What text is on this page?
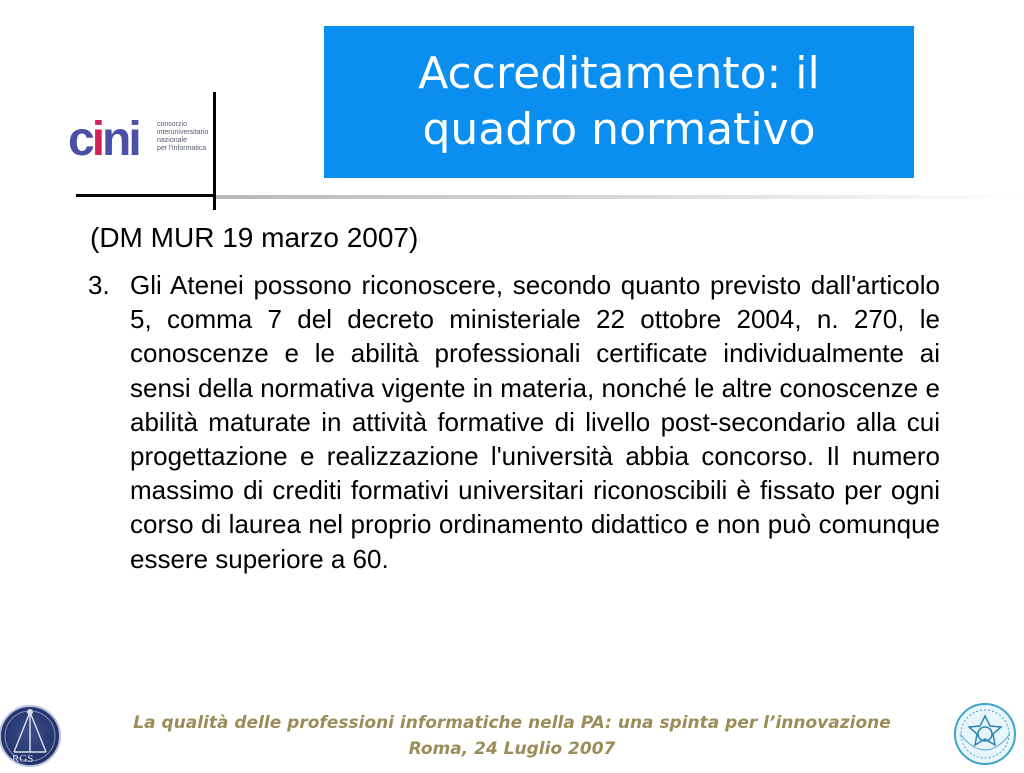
cini	consorzio
interuniversitario
nazionale
per l'informatica
Accreditamento: il
quadro normativo
(DM MUR 19 marzo 2007)
3. Gli Atenei possono riconoscere, secondo quanto previsto dall'articolo 5, comma 7 del decreto ministeriale 22 ottobre 2004, n. 270, le conoscenze e le abilità professionali certificate individualmente ai sensi della normativa vigente in materia, nonché le altre conoscenze e abilità maturate in attività formative di livello post-secondario alla cui progettazione e realizzazione l'università abbia concorso. Il numero massimo di crediti formativi universitari riconoscibili è fissato per ogni corso di laurea nel proprio ordinamento didattico e non può comunque essere superiore a 60.
RGS
La qualità delle professioni informatiche nella PA: una spinta per l’innovazione
Roma, 24 Luglio 2007
